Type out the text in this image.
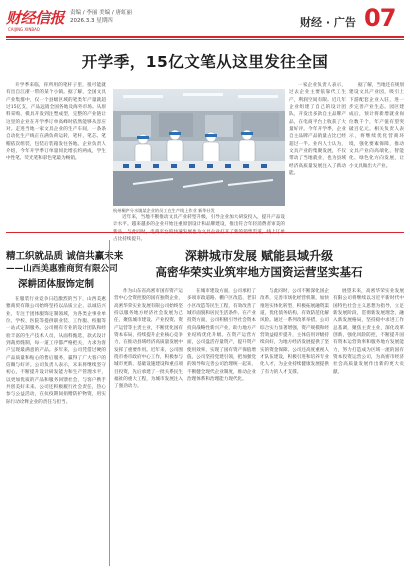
财经信报
CAIJING XINBAO
责编 / 李丽 美编 / 唐虹丽
2026.3.3 星期四	财经 · 广告 07
开学季，15亿文笔从这里发往全国

开学季来临，你所用的笔杆子里，很可能就有出自江浙一带的某个小镇。据了解，全国文具产业集群中，仅一个县级区域的笔类年产量就超过15亿支，产品远销全国各地及海外市场。从原料采购、模具开发到注塑成型，完整的产业链让这里的企业在开学季订单高峰时依然能够从容应对。走进当地一家文具企业的生产车间，一条条自动化生产线正在满负荷运转，笔杆、笔芯、笔帽依次组装，包装后装箱发往各地。企业负责人介绍，今年开学季订单量同比增长约两成，学生中性笔、荧光笔和彩色笔最为畅销。

杭州桐庐分水镇某企业的员工在生产线上作业 新华社发

近年来，当地不断推动文具产业转型升级，引导企业加大研发投入，提升产品设计水平。越来越多的企业开始注重原创设计和品牌建设，推出符合年轻消费者审美的 占比持续提升。

一家企业负责人表示，过去企业主要依靠代工生产，利润空间有限。近几年企业组建了自己的设计团队，开发出多款自主品牌产品，在电商平台上收获了大量好评。今年开学季，企业自主品牌产品销量占比已经超过一半。业内人士认为，文具产业的集聚发展，不仅带动了当地就业，也为县域经济高质量发展注入了新动能。

据了解，当地还在规划建设文具产业园，吸引上下游配套企业入驻，进一步完善产业生态。园区建成后，预计将新增就业岗位数千个，年产值有望突破百亿元。相关负责人表示，将继续优化营商环境，强化要素保障，推动文具产业向高端化、智能化、绿色化方向发展，让小文具做出大产业。

精工织就品质 诚信共赢未来
——山西美惠雅商贸有限公司
深耕团体服饰定制

在服装行业竞争日趋激烈的当下，山西美惠雅商贸有限公司始终坚持以品质立企、以诚信兴业，专注于团体服饰定制领域，为各类企事业单位、学校、医院等提供职业装、工作服、校服等一站式定制服务。公司拥有专业的设计团队和经验丰富的生产技术人员，从面料甄选、款式设计到裁剪缝制，每一道工序都严格把关，力求为客户呈现最满意的产品。多年来，公司凭借过硬的产品质量和贴心的售后服务，赢得了广大客户的信赖与好评。公司负责人表示，未来将继续坚守初心，不断提升设计研发能力和生产管理水平，以更加优质的产品和服务回馈社会，与客户携手共创美好未来。公司还积极履行社会责任，热心参与公益活动，在抗疫期间捐赠防护物资，用实际行动诠释企业的责任与担当。

深耕城市发展 赋能县域升级
高密华荣实业筑牢地方国资运营坚实基石

作为山东省高密市国有资产运营中心全资控股的国有独资企业，高密华荣实业发展有限公司始终坚持以服务地方经济社会发展为己任，聚焦城市建设、产业投资、资产运营等主责主业，不断优化国有资本布局，持续提升企业核心竞争力，在推动县域经济高质量发展中发挥了重要作用。近年来，公司围绕市委市政府中心工作，积极参与城市更新、基础设施建设和重点项目投资，先后承建了一批关系民生福祉的重大工程，为城市发展注入了强劲动力。

在城市建设方面，公司承担了多项市政道路、棚户区改造、老旧小区改造等民生工程，有效改善了城市面貌和居民生活条件。在产业投资方面，公司积极引导社会资本投向战略性新兴产业，助力地方产业结构优化升级。在资产运营方面，公司盘活存量资产，提升资产使用效率，实现了国有资产保值增值。公司坚持党建引领，把加强党的领导和完善公司治理统一起来，不断健全现代企业制度，推动企业治理体系和治理能力现代化。

与此同时，公司不断深化国企改革，完善市场化经营机制，加快推进实体化转型，积极拓展融资渠道，优化债务结构，有效防范化解风险。通过一系列改革举措，公司综合实力显著增强，资产规模和经营效益稳步提升，主体信用评级持续向好，为地方经济发展提供了坚实的资金保障。公司还高度重视人才队伍建设，积极引进和培养专业化人才，为企业持续健康发展提供了有力的人才支撑。

展望未来，高密华荣实业发展有限公司将继续以习近平新时代中国特色社会主义思想为指导，立足新发展阶段，贯彻新发展理念，融入新发展格局，坚持稳中求进工作总基调，聚焦主责主业，深化改革创新，强化风险防控，不断提升国有资本运营效率和服务地方发展能力，努力打造成为区域一流的国有资本投资运营公司，为高密市经济社会高质量发展作出新的更大贡献。
